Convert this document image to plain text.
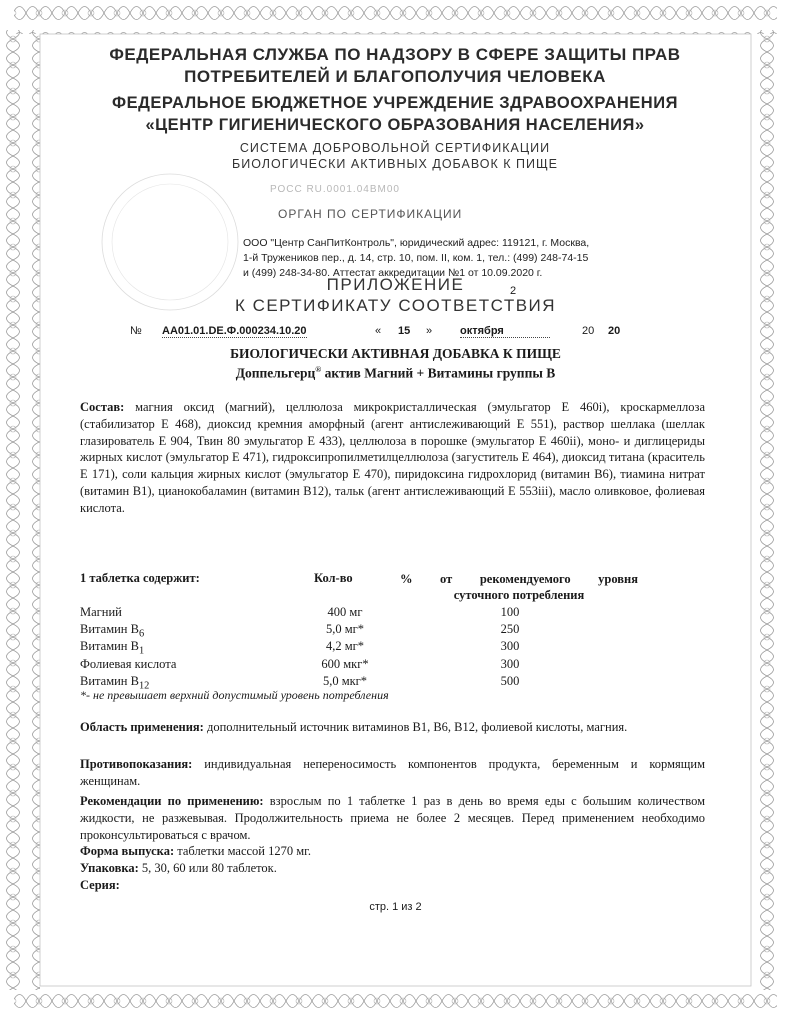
ФЕДЕРАЛЬНАЯ СЛУЖБА ПО НАДЗОРУ В СФЕРЕ ЗАЩИТЫ ПРАВ
ПОТРЕБИТЕЛЕЙ И БЛАГОПОЛУЧИЯ ЧЕЛОВЕКА
ФЕДЕРАЛЬНОЕ БЮДЖЕТНОЕ УЧРЕЖДЕНИЕ ЗДРАВООХРАНЕНИЯ
«ЦЕНТР ГИГИЕНИЧЕСКОГО ОБРАЗОВАНИЯ НАСЕЛЕНИЯ»
СИСТЕМА ДОБРОВОЛЬНОЙ СЕРТИФИКАЦИИ
БИОЛОГИЧЕСКИ АКТИВНЫХ ДОБАВОК К ПИЩЕ
РОСС RU.0001.04ВМ00
ОРГАН ПО СЕРТИФИКАЦИИ
ООО "Центр СанПитКонтроль", юридический адрес: 119121, г. Москва,
1-й Тружеников пер., д. 14, стр. 10, пом. II, ком. 1, тел.: (499) 248-74-15
и (499) 248-34-80. Аттестат аккредитации №1 от 10.09.2020 г.
ПРИЛОЖЕНИЕ	2
К СЕРТИФИКАТУ СООТВЕТСТВИЯ
№ AA01.01.DE.Ф.000234.10.20	« 15 »	октября	20 20
БИОЛОГИЧЕСКИ АКТИВНАЯ ДОБАВКА К ПИЩЕ
Доппельгерц® актив Магний + Витамины группы В
Состав: магния оксид (магний), целлюлоза микрокристаллическая (эмульгатор Е 460i), кроскармеллоза (стабилизатор Е 468), диоксид кремния аморфный (агент антислеживающий Е 551), раствор шеллака (шеллак глазирователь Е 904, Твин 80 эмульгатор Е 433), целлюлоза в порошке (эмульгатор Е 460ii), моно- и диглицериды жирных кислот (эмульгатор Е 471), гидроксипропилметилцеллюлоза (загуститель Е 464), диоксид титана (краситель Е 171), соли кальция жирных кислот (эмульгатор Е 470), пиридоксина гидрохлорид (витамин В6), тиамина нитрат (витамин В1), цианокобаламин (витамин В12), тальк (агент антислеживающий Е 553iii), масло оливковое, фолиевая кислота.
1 таблетка содержит:	Кол-во	% от рекомендуемого уровня
суточного потребления
Магний	400 мг	100
Витамин $В_6$	5,0 мг*	250
Витамин $В_1$	4,2 мг*	300
Фолиевая кислота	600 мкг*	300
Витамин $В_{12}$	5,0 мкг*	500
*- не превышает верхний допустимый уровень потребления
Область применения: дополнительный источник витаминов В1, В6, В12, фолиевой кислоты, магния.
Противопоказания: индивидуальная непереносимость компонентов продукта, беременным и кормящим женщинам.
Рекомендации по применению: взрослым по 1 таблетке 1 раз в день во время еды с большим количеством жидкости, не разжевывая. Продолжительность приема не более 2 месяцев. Перед применением необходимо проконсультироваться с врачом.
Форма выпуска: таблетки массой 1270 мг.
Упаковка: 5, 30, 60 или 80 таблеток.
Серия:
стр. 1 из 2
